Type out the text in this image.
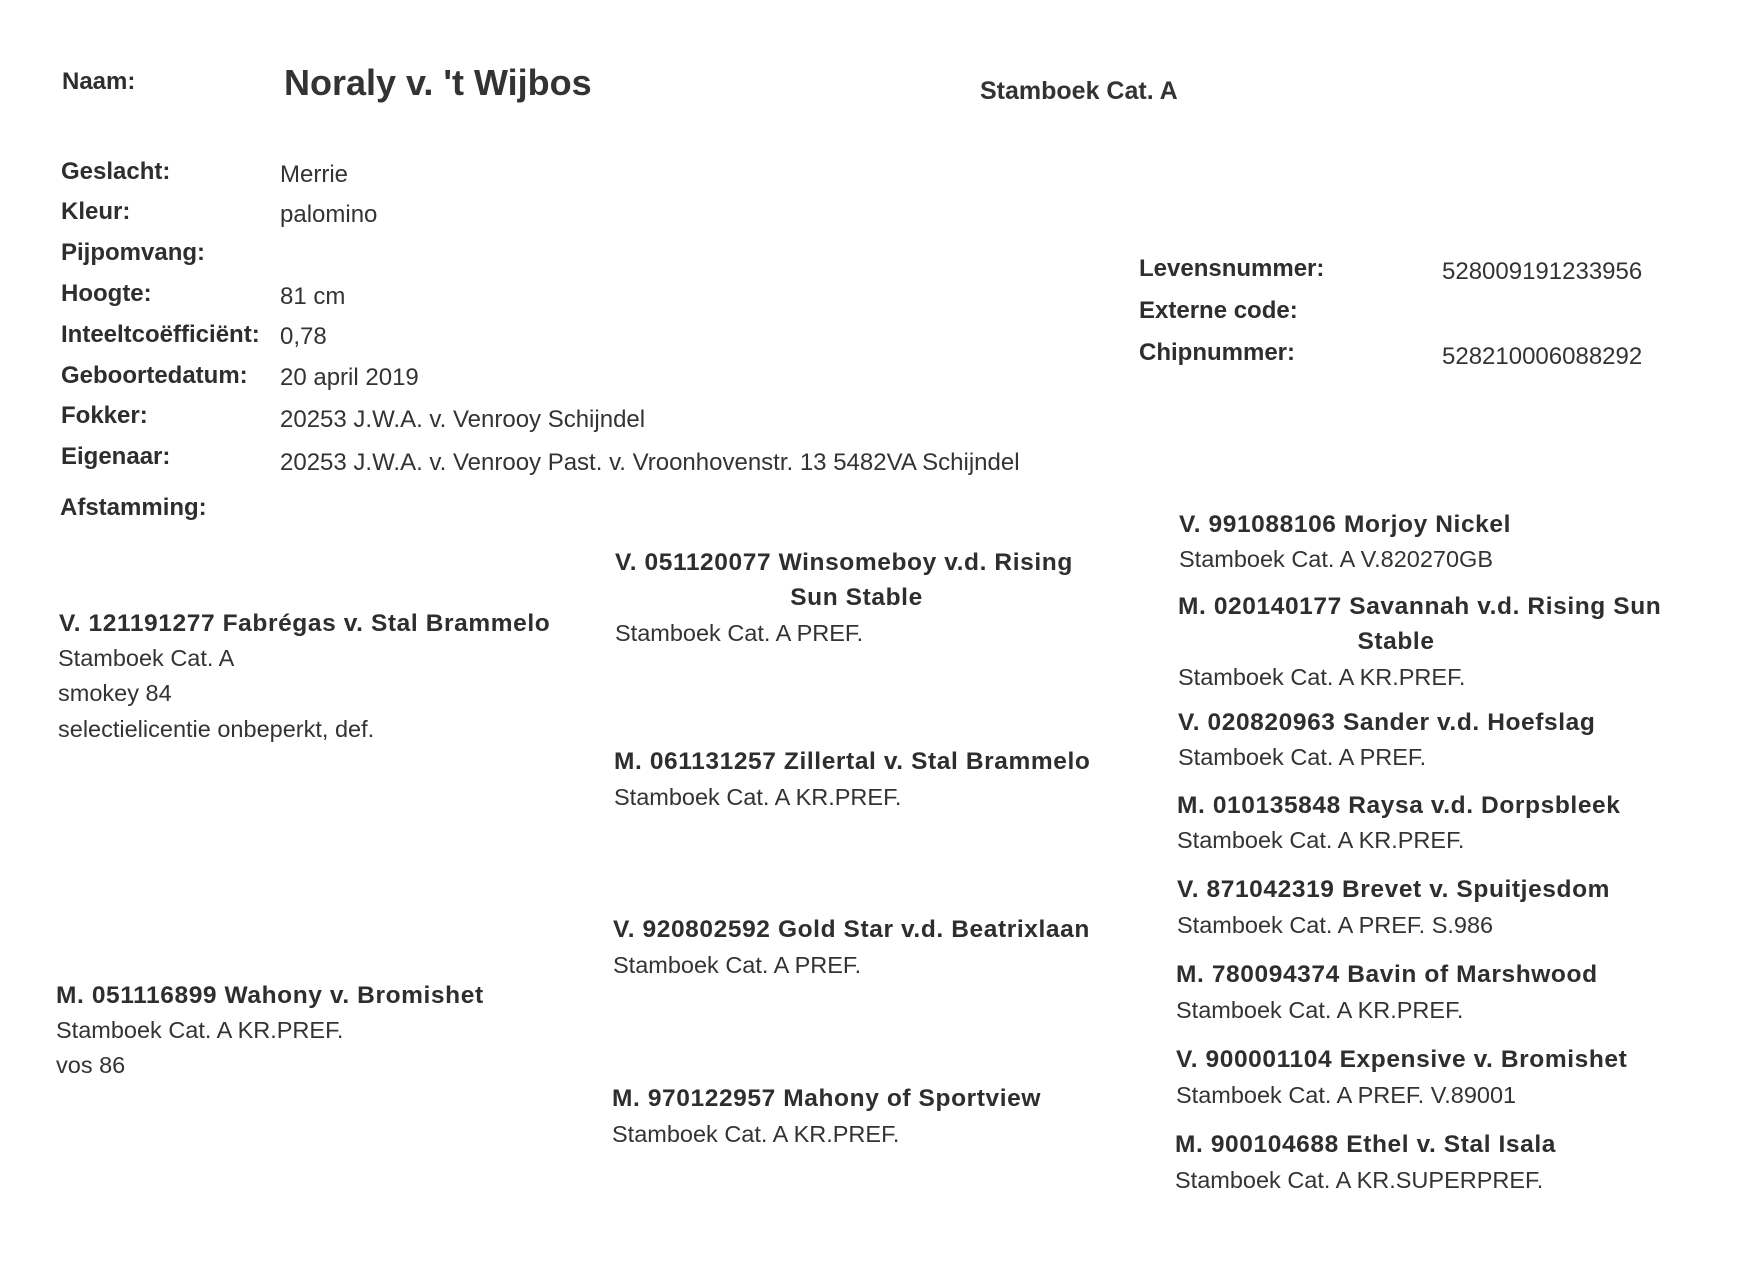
Naam:	Noraly v. 't Wijbos	Stamboek Cat. A
Geslacht:	Merrie
Kleur:	palomino
Pijpomvang:
Hoogte:	81 cm
Inteeltcoëfficiënt: 0,78
Geboortedatum: 20 april 2019
Fokker:	20253 J.W.A. v. Venrooy Schijndel
Eigenaar:	20253 J.W.A. v. Venrooy Past. v. Vroonhovenstr. 13 5482VA Schijndel
Levensnummer:	528009191233956
Externe code:
Chipnummer:	528210006088292
Afstamming:
V. 121191277 Fabrégas v. Stal Brammelo
Stamboek Cat. A
smokey 84
selectielicentie onbeperkt, def.
M. 051116899 Wahony v. Bromishet
Stamboek Cat. A KR.PREF.
vos 86
V. 051120077 Winsomeboy v.d. Rising
Sun Stable
Stamboek Cat. A PREF.
M. 061131257 Zillertal v. Stal Brammelo
Stamboek Cat. A KR.PREF.
V. 920802592 Gold Star v.d. Beatrixlaan
Stamboek Cat. A PREF.
M. 970122957 Mahony of Sportview
Stamboek Cat. A KR.PREF.
V. 991088106 Morjoy Nickel
Stamboek Cat. A V.820270GB
M. 020140177 Savannah v.d. Rising Sun
Stable
Stamboek Cat. A KR.PREF.
V. 020820963 Sander v.d. Hoefslag
Stamboek Cat. A PREF.
M. 010135848 Raysa v.d. Dorpsbleek
Stamboek Cat. A KR.PREF.
V. 871042319 Brevet v. Spuitjesdom
Stamboek Cat. A PREF. S.986
M. 780094374 Bavin of Marshwood
Stamboek Cat. A KR.PREF.
V. 900001104 Expensive v. Bromishet
Stamboek Cat. A PREF. V.89001
M. 900104688 Ethel v. Stal Isala
Stamboek Cat. A KR.SUPERPREF.
